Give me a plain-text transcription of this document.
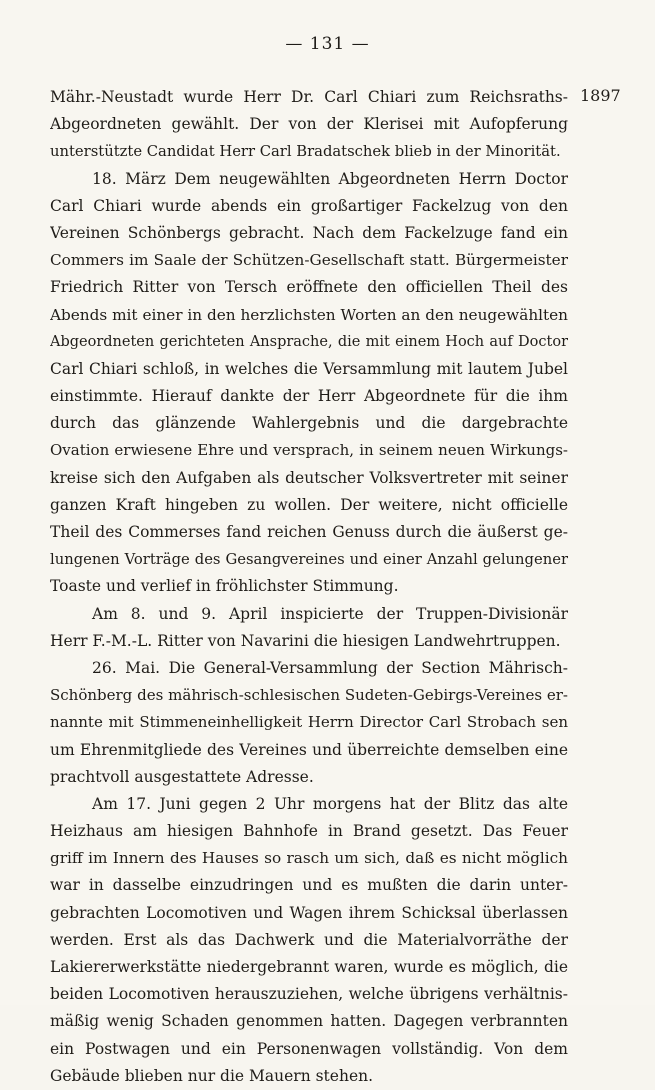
— 131 —
1897
Mähr.-Neustadt wurde Herr Dr. Carl Chiari zum Reichsraths-
Abgeordneten gewählt. Der von der Klerisei mit Aufopferung
unterstützte Candidat Herr Carl Bradatschek blieb in der Minorität.
18. März Dem neugewählten Abgeordneten Herrn Doctor
Carl Chiari wurde abends ein großartiger Fackelzug von den
Vereinen Schönbergs gebracht. Nach dem Fackelzuge fand ein
Commers im Saale der Schützen-Gesellschaft statt. Bürgermeister
Friedrich Ritter von Tersch eröffnete den officiellen Theil des
Abends mit einer in den herzlichsten Worten an den neugewählten
Abgeordneten gerichteten Ansprache, die mit einem Hoch auf Doctor
Carl Chiari schloß, in welches die Versammlung mit lautem Jubel
einstimmte. Hierauf dankte der Herr Abgeordnete für die ihm
durch das glänzende Wahlergebnis und die dargebrachte
Ovation erwiesene Ehre und versprach, in seinem neuen Wirkungs-
kreise sich den Aufgaben als deutscher Volksvertreter mit seiner
ganzen Kraft hingeben zu wollen. Der weitere, nicht officielle
Theil des Commerses fand reichen Genuss durch die äußerst ge-
lungenen Vorträge des Gesangvereines und einer Anzahl gelungener
Toaste und verlief in fröhlichster Stimmung.
Am 8. und 9. April inspicierte der Truppen-Divisionär
Herr F.-M.-L. Ritter von Navarini die hiesigen Landwehrtruppen.
26. Mai. Die General-Versammlung der Section Mährisch-
Schönberg des mährisch-schlesischen Sudeten-Gebirgs-Vereines er-
nannte mit Stimmeneinhelligkeit Herrn Director Carl Strobach sen
um Ehrenmitgliede des Vereines und überreichte demselben eine
prachtvoll ausgestattete Adresse.
Am 17. Juni gegen 2 Uhr morgens hat der Blitz das alte
Heizhaus am hiesigen Bahnhofe in Brand gesetzt. Das Feuer
griff im Innern des Hauses so rasch um sich, daß es nicht möglich
war in dasselbe einzudringen und es mußten die darin unter-
gebrachten Locomotiven und Wagen ihrem Schicksal überlassen
werden. Erst als das Dachwerk und die Materialvorräthe der
Lakiererwerkstätte niedergebrannt waren, wurde es möglich, die
beiden Locomotiven herauszuziehen, welche übrigens verhältnis-
mäßig wenig Schaden genommen hatten. Dagegen verbrannten
ein Postwagen und ein Personenwagen vollständig. Von dem
Gebäude blieben nur die Mauern stehen.
